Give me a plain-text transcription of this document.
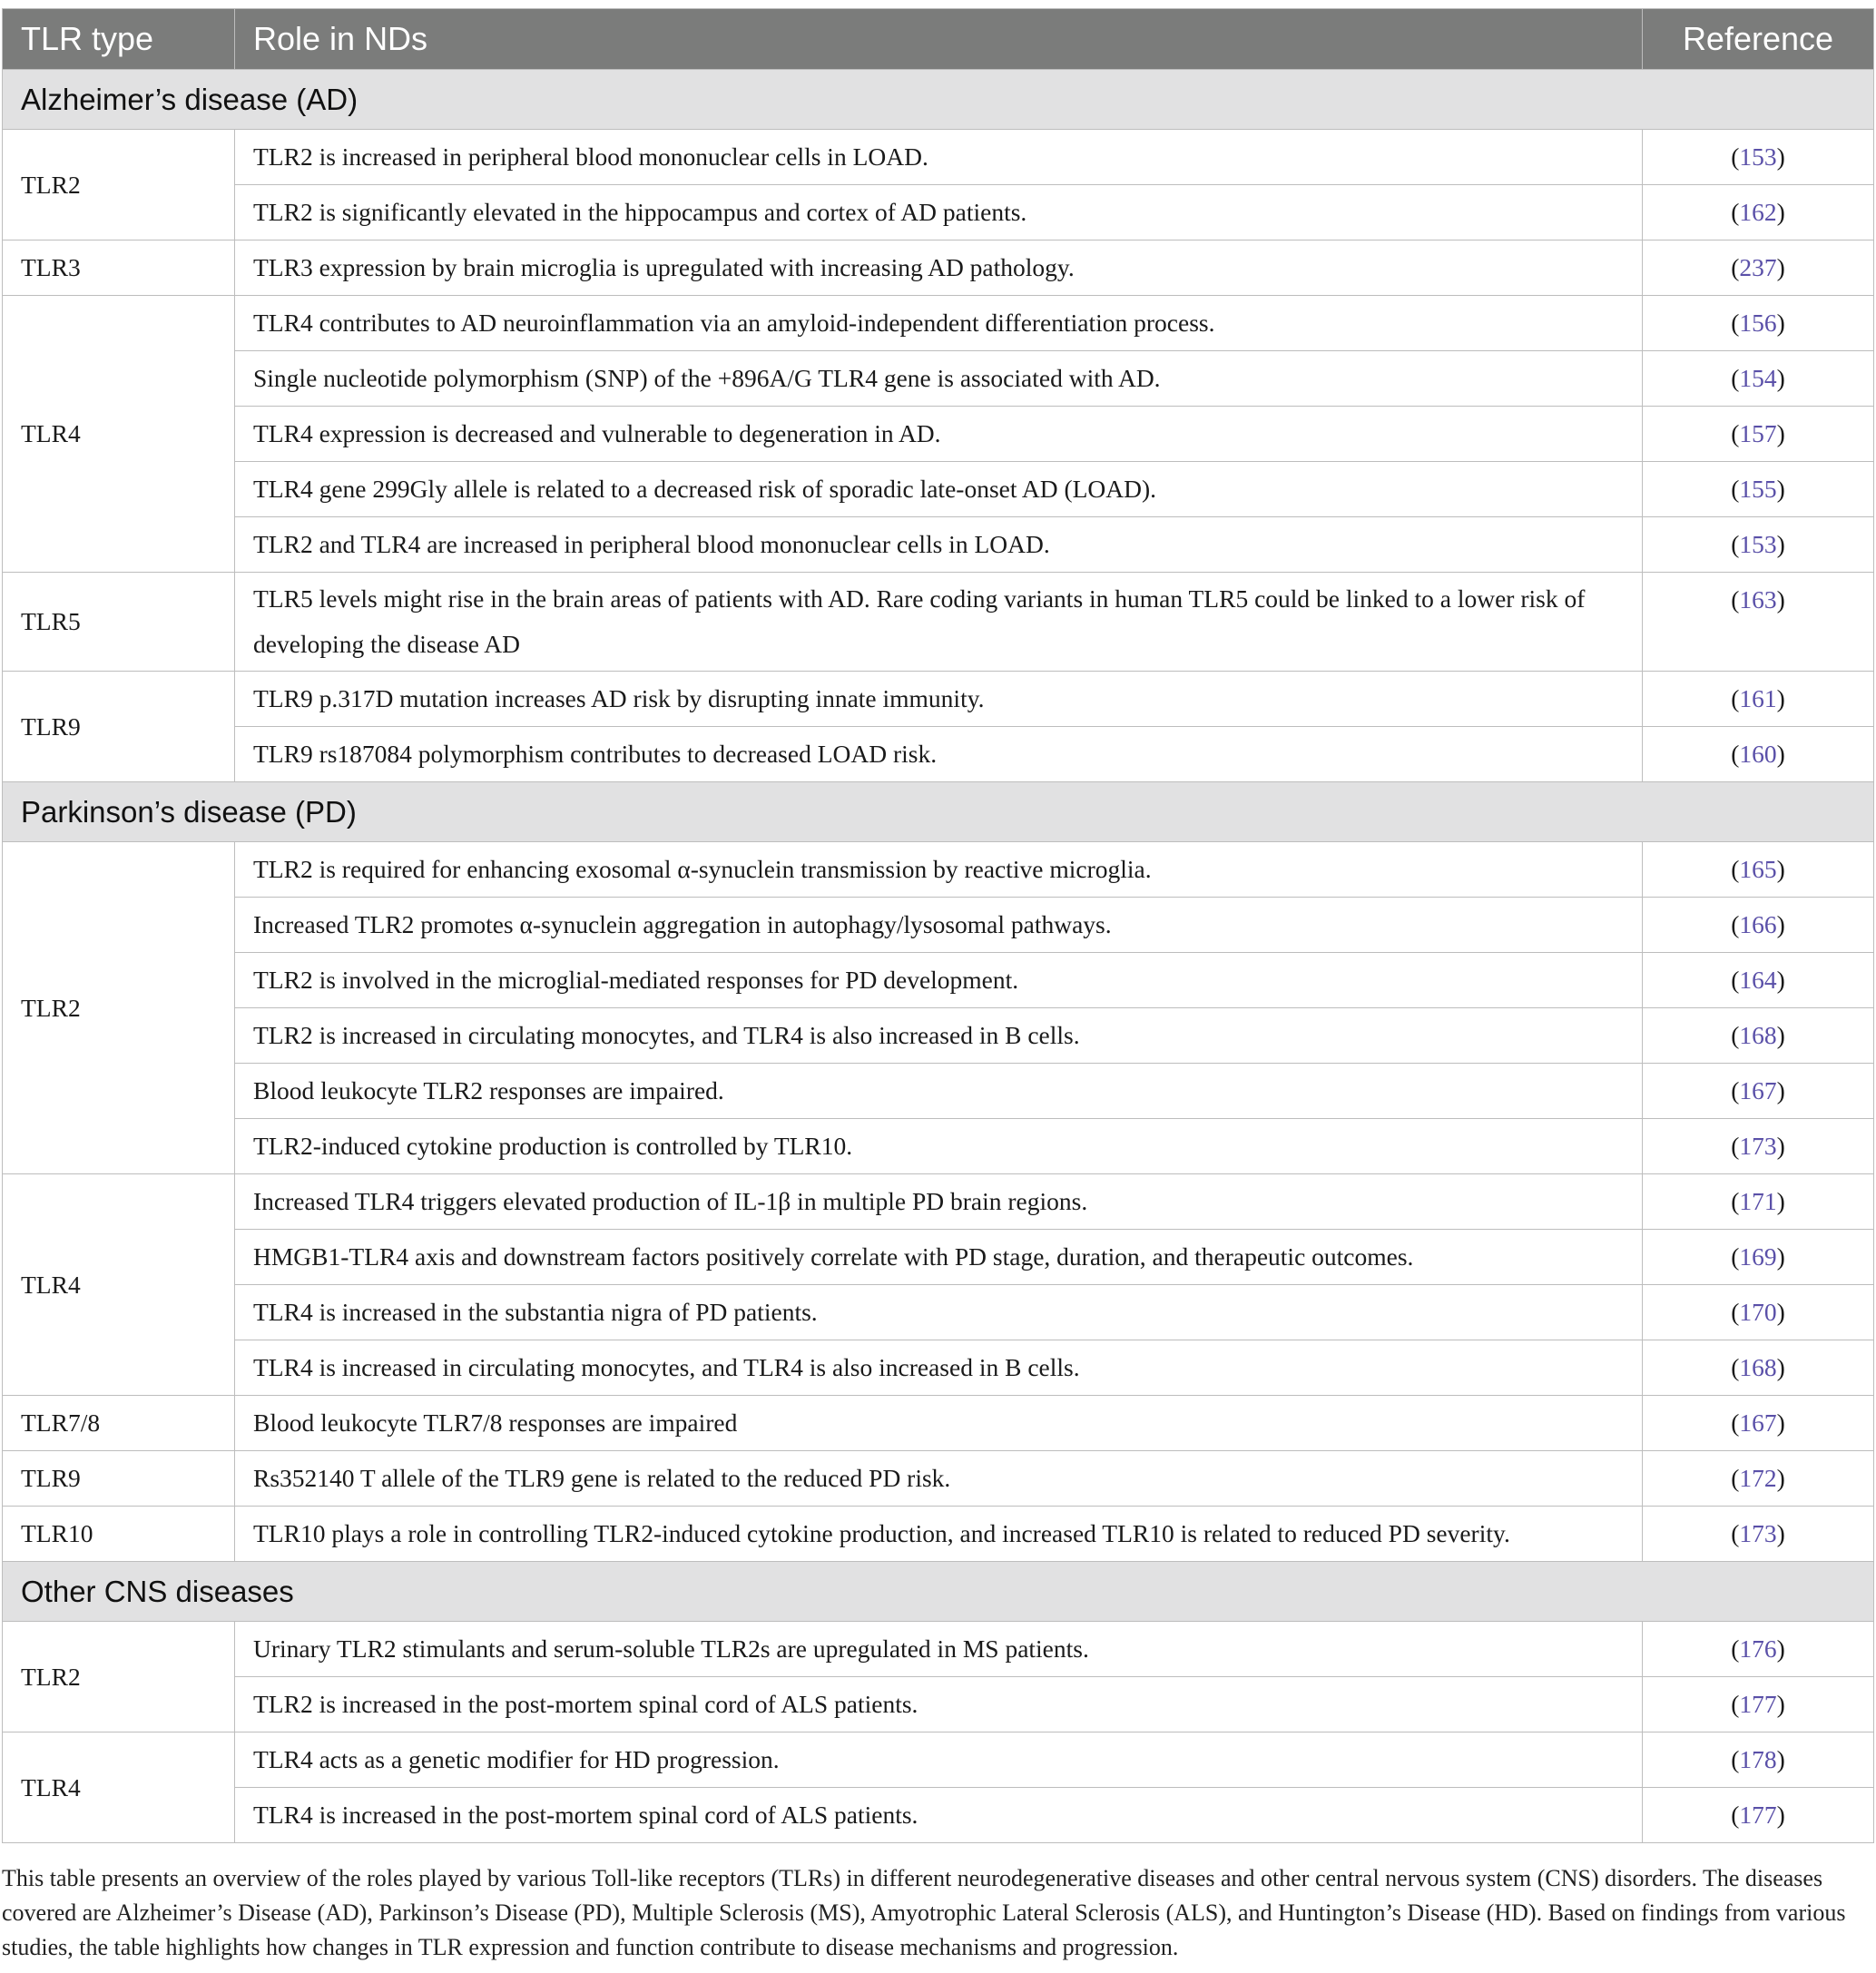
TLR type	Role in NDs	Reference
Alzheimer’s disease (AD)		
TLR2	TLR2 is increased in peripheral blood mononuclear cells in LOAD.	(153)
	TLR2 is significantly elevated in the hippocampus and cortex of AD patients.	(162)
TLR3	TLR3 expression by brain microglia is upregulated with increasing AD pathology.	(237)
TLR4	TLR4 contributes to AD neuroinflammation via an amyloid-independent differentiation process.	(156)
	Single nucleotide polymorphism (SNP) of the +896A/G TLR4 gene is associated with AD.	(154)
	TLR4 expression is decreased and vulnerable to degeneration in AD.	(157)
	TLR4 gene 299Gly allele is related to a decreased risk of sporadic late-onset AD (LOAD).	(155)
	TLR2 and TLR4 are increased in peripheral blood mononuclear cells in LOAD.	(153)
TLR5	TLR5 levels might rise in the brain areas of patients with AD. Rare coding variants in human TLR5 could be linked to a lower risk of developing the disease AD	(163)
TLR9	TLR9 p.317D mutation increases AD risk by disrupting innate immunity.	(161)
	TLR9 rs187084 polymorphism contributes to decreased LOAD risk.	(160)
Parkinson’s disease (PD)		
TLR2	TLR2 is required for enhancing exosomal α-synuclein transmission by reactive microglia.	(165)
	Increased TLR2 promotes α-synuclein aggregation in autophagy/lysosomal pathways.	(166)
	TLR2 is involved in the microglial-mediated responses for PD development.	(164)
	TLR2 is increased in circulating monocytes, and TLR4 is also increased in B cells.	(168)
	Blood leukocyte TLR2 responses are impaired.	(167)
	TLR2-induced cytokine production is controlled by TLR10.	(173)
TLR4	Increased TLR4 triggers elevated production of IL-1β in multiple PD brain regions.	(171)
	HMGB1-TLR4 axis and downstream factors positively correlate with PD stage, duration, and therapeutic outcomes.	(169)
	TLR4 is increased in the substantia nigra of PD patients.	(170)
	TLR4 is increased in circulating monocytes, and TLR4 is also increased in B cells.	(168)
TLR7/8	Blood leukocyte TLR7/8 responses are impaired	(167)
TLR9	Rs352140 T allele of the TLR9 gene is related to the reduced PD risk.	(172)
TLR10	TLR10 plays a role in controlling TLR2-induced cytokine production, and increased TLR10 is related to reduced PD severity.	(173)
Other CNS diseases		
TLR2	Urinary TLR2 stimulants and serum-soluble TLR2s are upregulated in MS patients.	(176)
	TLR2 is increased in the post-mortem spinal cord of ALS patients.	(177)
TLR4	TLR4 acts as a genetic modifier for HD progression.	(178)
	TLR4 is increased in the post-mortem spinal cord of ALS patients.	(177)
This table presents an overview of the roles played by various Toll-like receptors (TLRs) in different neurodegenerative diseases and other central nervous system (CNS) disorders. The diseases covered are Alzheimer’s Disease (AD), Parkinson’s Disease (PD), Multiple Sclerosis (MS), Amyotrophic Lateral Sclerosis (ALS), and Huntington’s Disease (HD). Based on findings from various studies, the table highlights how changes in TLR expression and function contribute to disease mechanisms and progression.
